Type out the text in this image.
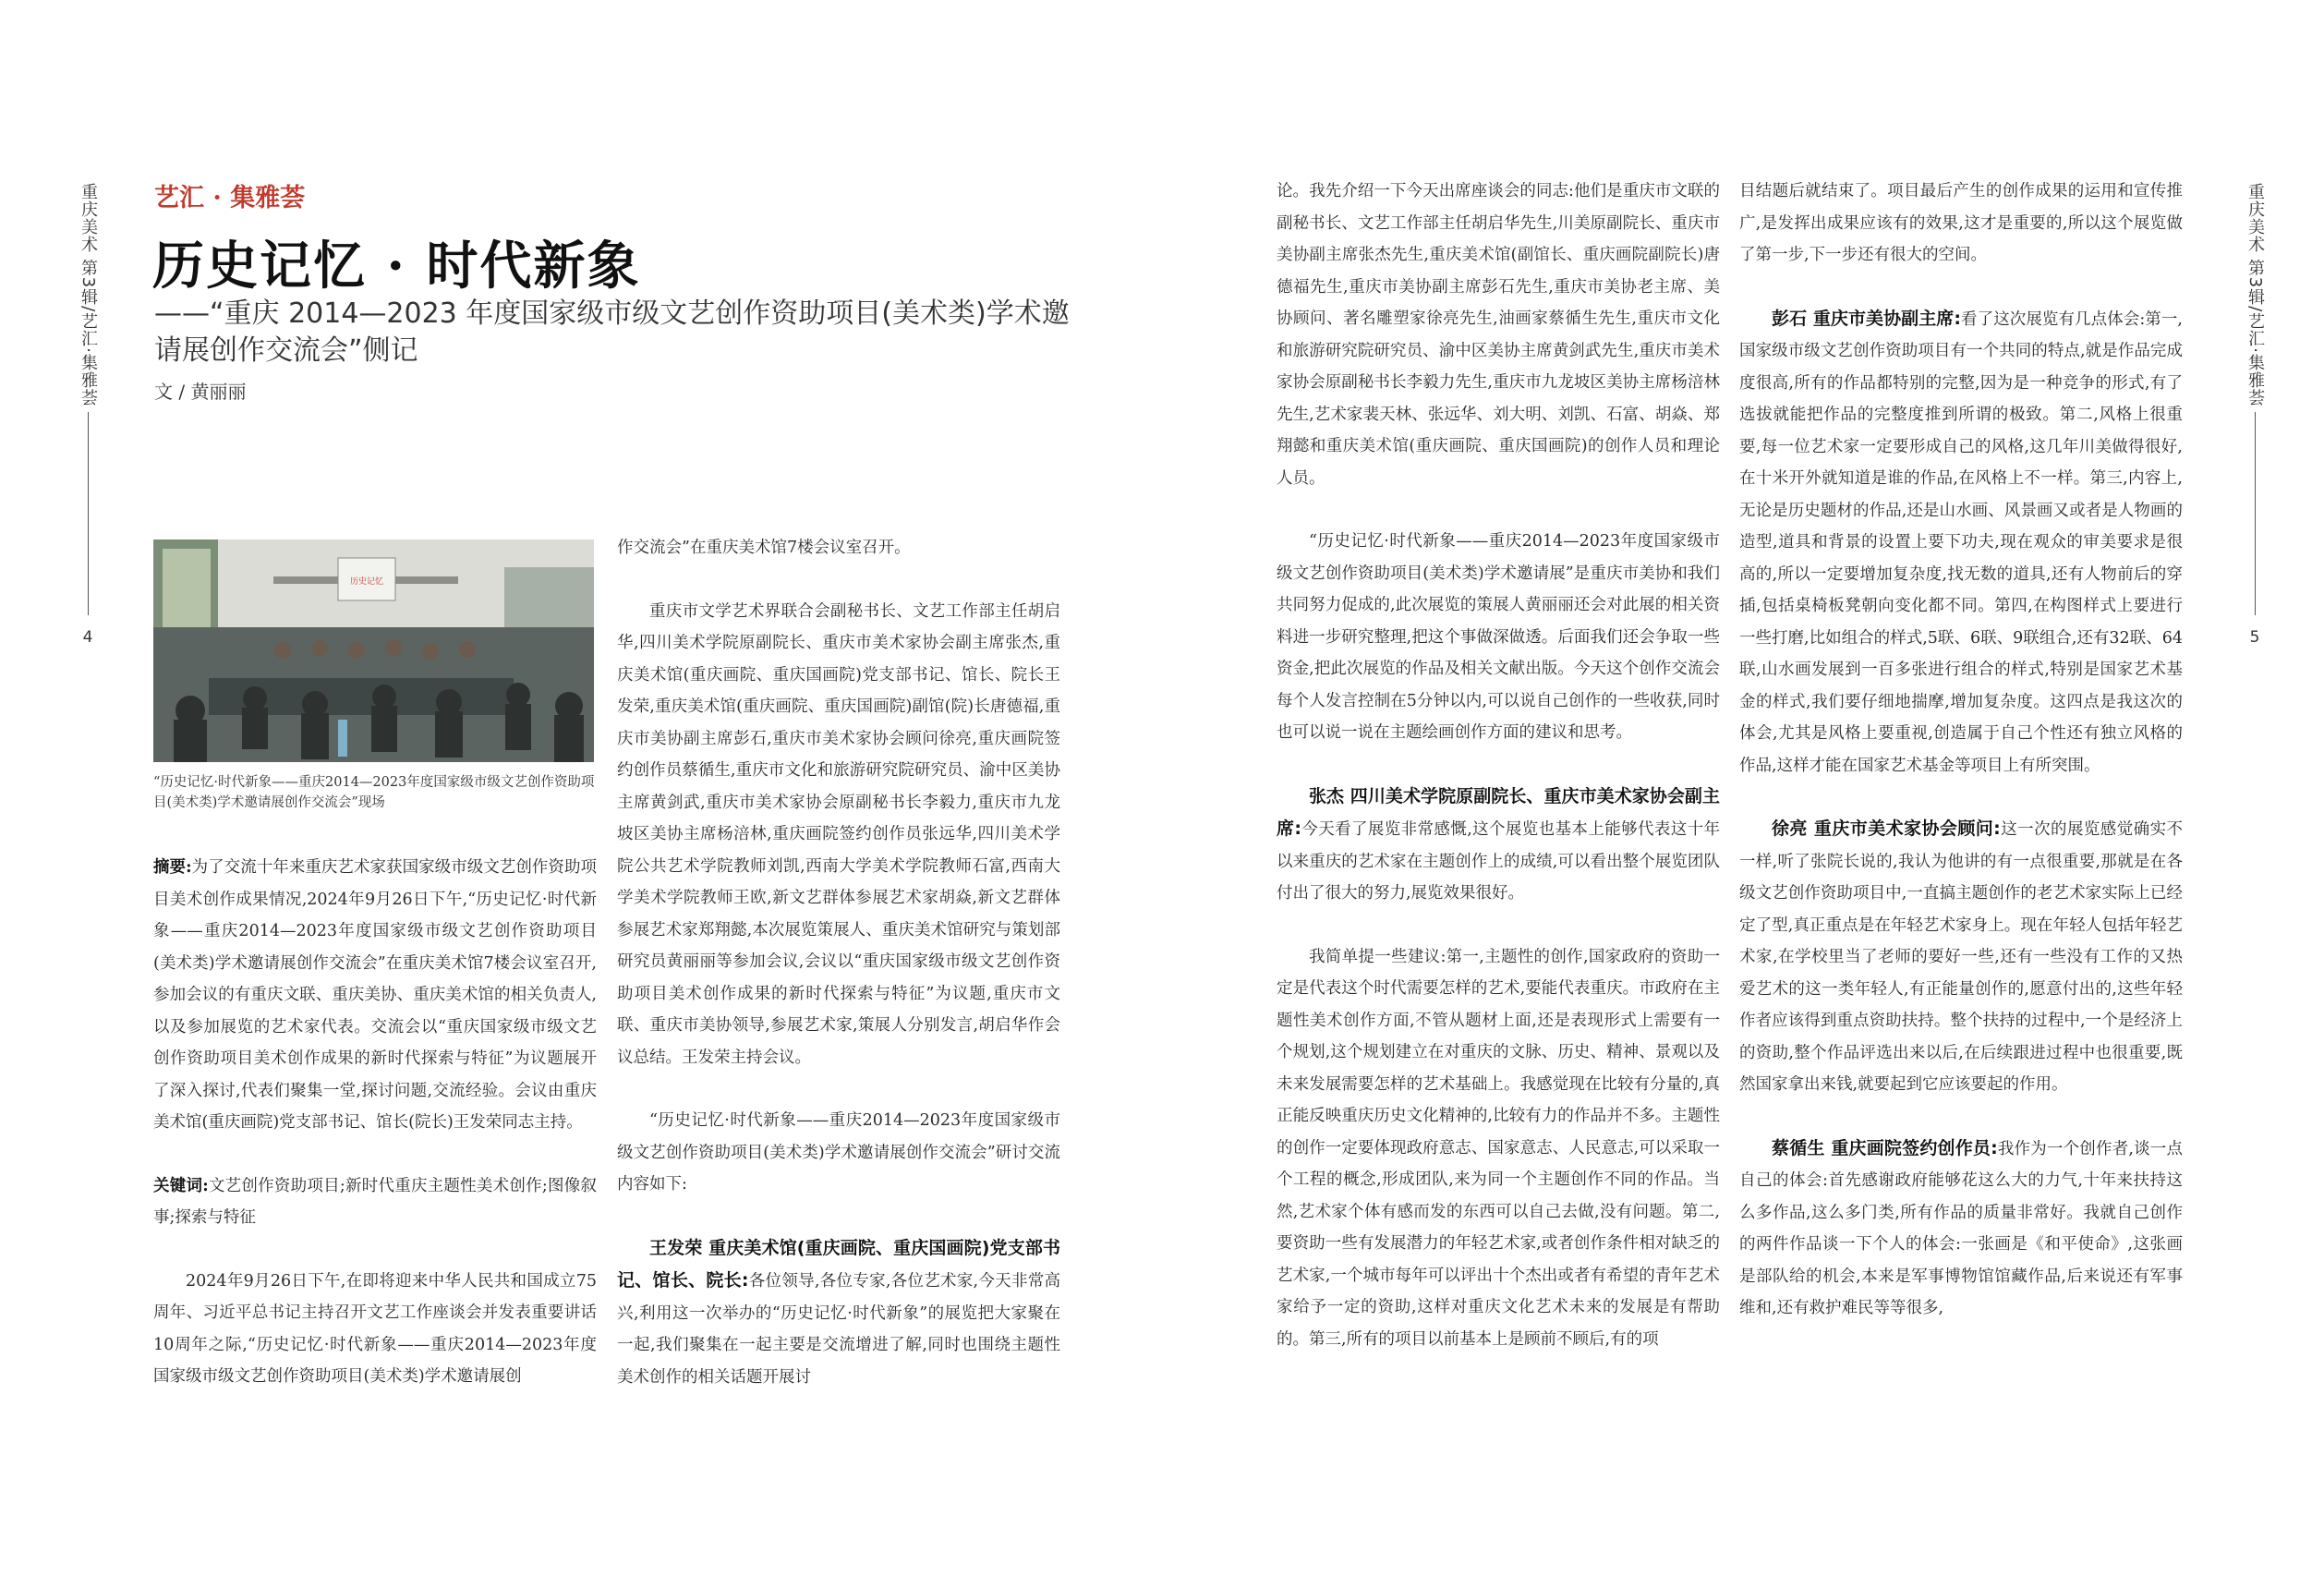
重庆美术 第3辑/艺汇·集雅荟
4
重庆美术 第3辑/艺汇·集雅荟
5
艺汇 · 集雅荟
历史记忆 · 时代新象
——“重庆 2014—2023 年度国家级市级文艺创作资助项目(美术类)学术邀请展创作交流会”侧记
文 / 黄丽丽
历史记忆
“历史记忆·时代新象——重庆2014—2023年度国家级市级文艺创作资助项目(美术类)学术邀请展创作交流会”现场

摘要:为了交流十年来重庆艺术家获国家级市级文艺创作资助项目美术创作成果情况,2024年9月26日下午,“历史记忆·时代新象——重庆2014—2023年度国家级市级文艺创作资助项目(美术类)学术邀请展创作交流会”在重庆美术馆7楼会议室召开,参加会议的有重庆文联、重庆美协、重庆美术馆的相关负责人,以及参加展览的艺术家代表。交流会以“重庆国家级市级文艺创作资助项目美术创作成果的新时代探索与特征”为议题展开了深入探讨,代表们聚集一堂,探讨问题,交流经验。会议由重庆美术馆(重庆画院)党支部书记、馆长(院长)王发荣同志主持。

关键词:文艺创作资助项目;新时代重庆主题性美术创作;图像叙事;探索与特征

2024年9月26日下午,在即将迎来中华人民共和国成立75周年、习近平总书记主持召开文艺工作座谈会并发表重要讲话10周年之际,“历史记忆·时代新象——重庆2014—2023年度国家级市级文艺创作资助项目(美术类)学术邀请展创

作交流会”在重庆美术馆7楼会议室召开。

重庆市文学艺术界联合会副秘书长、文艺工作部主任胡启华,四川美术学院原副院长、重庆市美术家协会副主席张杰,重庆美术馆(重庆画院、重庆国画院)党支部书记、馆长、院长王发荣,重庆美术馆(重庆画院、重庆国画院)副馆(院)长唐德福,重庆市美协副主席彭石,重庆市美术家协会顾问徐亮,重庆画院签约创作员蔡循生,重庆市文化和旅游研究院研究员、渝中区美协主席黄剑武,重庆市美术家协会原副秘书长李毅力,重庆市九龙坡区美协主席杨涪林,重庆画院签约创作员张远华,四川美术学院公共艺术学院教师刘凯,西南大学美术学院教师石富,西南大学美术学院教师王欧,新文艺群体参展艺术家胡焱,新文艺群体参展艺术家郑翔懿,本次展览策展人、重庆美术馆研究与策划部研究员黄丽丽等参加会议,会议以“重庆国家级市级文艺创作资助项目美术创作成果的新时代探索与特征”为议题,重庆市文联、重庆市美协领导,参展艺术家,策展人分别发言,胡启华作会议总结。王发荣主持会议。

“历史记忆·时代新象——重庆2014—2023年度国家级市级文艺创作资助项目(美术类)学术邀请展创作交流会”研讨交流内容如下:

王发荣 重庆美术馆(重庆画院、重庆国画院)党支部书记、馆长、院长:各位领导,各位专家,各位艺术家,今天非常高兴,利用这一次举办的“历史记忆·时代新象”的展览把大家聚在一起,我们聚集在一起主要是交流增进了解,同时也围绕主题性美术创作的相关话题开展讨

论。我先介绍一下今天出席座谈会的同志:他们是重庆市文联的副秘书长、文艺工作部主任胡启华先生,川美原副院长、重庆市美协副主席张杰先生,重庆美术馆(副馆长、重庆画院副院长)唐德福先生,重庆市美协副主席彭石先生,重庆市美协老主席、美协顾问、著名雕塑家徐亮先生,油画家蔡循生先生,重庆市文化和旅游研究院研究员、渝中区美协主席黄剑武先生,重庆市美术家协会原副秘书长李毅力先生,重庆市九龙坡区美协主席杨涪林先生,艺术家裴天林、张远华、刘大明、刘凯、石富、胡焱、郑翔懿和重庆美术馆(重庆画院、重庆国画院)的创作人员和理论人员。

“历史记忆·时代新象——重庆2014—2023年度国家级市级文艺创作资助项目(美术类)学术邀请展”是重庆市美协和我们共同努力促成的,此次展览的策展人黄丽丽还会对此展的相关资料进一步研究整理,把这个事做深做透。后面我们还会争取一些资金,把此次展览的作品及相关文献出版。今天这个创作交流会每个人发言控制在5分钟以内,可以说自己创作的一些收获,同时也可以说一说在主题绘画创作方面的建议和思考。

张杰 四川美术学院原副院长、重庆市美术家协会副主席:今天看了展览非常感慨,这个展览也基本上能够代表这十年以来重庆的艺术家在主题创作上的成绩,可以看出整个展览团队付出了很大的努力,展览效果很好。

我简单提一些建议:第一,主题性的创作,国家政府的资助一定是代表这个时代需要怎样的艺术,要能代表重庆。市政府在主题性美术创作方面,不管从题材上面,还是表现形式上需要有一个规划,这个规划建立在对重庆的文脉、历史、精神、景观以及未来发展需要怎样的艺术基础上。我感觉现在比较有分量的,真正能反映重庆历史文化精神的,比较有力的作品并不多。主题性的创作一定要体现政府意志、国家意志、人民意志,可以采取一个工程的概念,形成团队,来为同一个主题创作不同的作品。当然,艺术家个体有感而发的东西可以自己去做,没有问题。第二,要资助一些有发展潜力的年轻艺术家,或者创作条件相对缺乏的艺术家,一个城市每年可以评出十个杰出或者有希望的青年艺术家给予一定的资助,这样对重庆文化艺术未来的发展是有帮助的。第三,所有的项目以前基本上是顾前不顾后,有的项

目结题后就结束了。项目最后产生的创作成果的运用和宣传推广,是发挥出成果应该有的效果,这才是重要的,所以这个展览做了第一步,下一步还有很大的空间。

彭石 重庆市美协副主席:看了这次展览有几点体会:第一,国家级市级文艺创作资助项目有一个共同的特点,就是作品完成度很高,所有的作品都特别的完整,因为是一种竞争的形式,有了选拔就能把作品的完整度推到所谓的极致。第二,风格上很重要,每一位艺术家一定要形成自己的风格,这几年川美做得很好,在十米开外就知道是谁的作品,在风格上不一样。第三,内容上,无论是历史题材的作品,还是山水画、风景画又或者是人物画的造型,道具和背景的设置上要下功夫,现在观众的审美要求是很高的,所以一定要增加复杂度,找无数的道具,还有人物前后的穿插,包括桌椅板凳朝向变化都不同。第四,在构图样式上要进行一些打磨,比如组合的样式,5联、6联、9联组合,还有32联、64联,山水画发展到一百多张进行组合的样式,特别是国家艺术基金的样式,我们要仔细地揣摩,增加复杂度。这四点是我这次的体会,尤其是风格上要重视,创造属于自己个性还有独立风格的作品,这样才能在国家艺术基金等项目上有所突围。

徐亮 重庆市美术家协会顾问:这一次的展览感觉确实不一样,听了张院长说的,我认为他讲的有一点很重要,那就是在各级文艺创作资助项目中,一直搞主题创作的老艺术家实际上已经定了型,真正重点是在年轻艺术家身上。现在年轻人包括年轻艺术家,在学校里当了老师的要好一些,还有一些没有工作的又热爱艺术的这一类年轻人,有正能量创作的,愿意付出的,这些年轻作者应该得到重点资助扶持。整个扶持的过程中,一个是经济上的资助,整个作品评选出来以后,在后续跟进过程中也很重要,既然国家拿出来钱,就要起到它应该要起的作用。

蔡循生 重庆画院签约创作员:我作为一个创作者,谈一点自己的体会:首先感谢政府能够花这么大的力气,十年来扶持这么多作品,这么多门类,所有作品的质量非常好。我就自己创作的两件作品谈一下个人的体会:一张画是《和平使命》,这张画是部队给的机会,本来是军事博物馆馆藏作品,后来说还有军事维和,还有救护难民等等很多,
